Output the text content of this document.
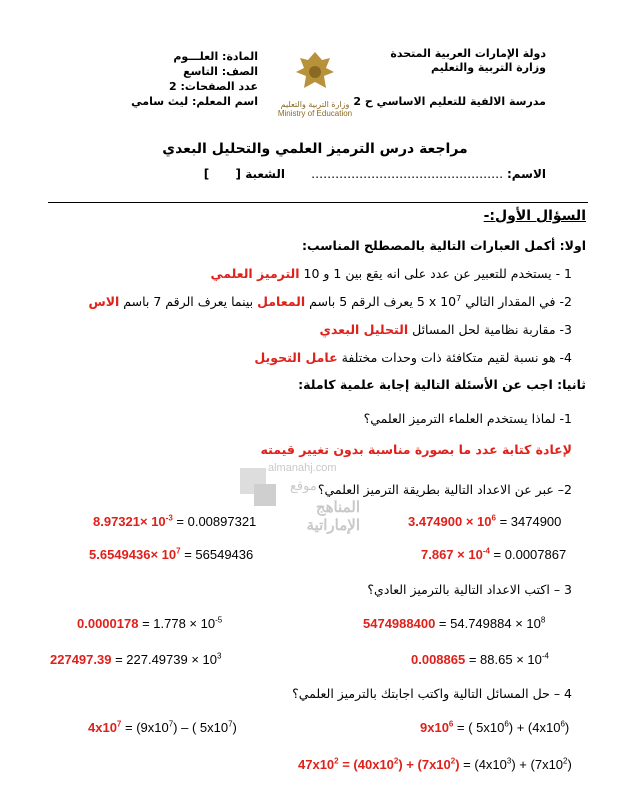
دولة الإمارات العربية المتحدة
وزارة التربية والتعليم
مدرسة الالفية للتعليم الاساسي ح 2
المادة: العلـــوم
الصف: التاسع
عدد الصفحات: 2
اسم المعلم: ليث سامي	وزارة التربية والتعليم
Ministry of Education
مراجعة درس الترميز العلمي والتحليل البعدي
الاسم: …………………………………………
الشعبة [  ]
السؤال الأول:-
اولا: أكمل العبارات التالية بالمصطلح المناسب:
1 - يستخدم للتعبير عن عدد على انه يقع بين 1 و 10 الترميز العلمي
2- في المقدار التالي 5 x $10^7$ يعرف الرقم 5 باسم المعامل بينما يعرف الرقم 7 باسم الاس
3- مقاربة نظامية لحل المسائل التحليل البعدي
4- هو نسبة لقيم متكافئة ذات وحدات مختلفة عامل التحويل
ثانيا: اجب عن الأسئلة التالية إجابة علمية كاملة:
1- لماذا يستخدم العلماء الترميز العلمي؟
لإعادة كتابة عدد ما بصورة مناسبة بدون تغيير قيمته
almanahj.com
موقع
المناهج الإماراتية
2– عبر عن الاعداد التالية بطريقة الترميز العلمي؟
$3.474900 \times 10^6 = 3474900$
$8.97321\times 10^{-3} = 0.00897321$
$7.867 \times 10^{-4} = 0.0007867$
$5.6549436\times 10^7 = 56549436$
3 – اكتب الاعداد التالية بالترميز العادي؟
$5474988400 = 54.749884 \times 10^8$
$0.0000178 = 1.778 \times 10^{-5}$
$0.008865 = 88.65 \times 10^{-4}$
$227497.39 = 227.49739 \times 10^3$
4 – حل المسائل التالية واكتب اجابتك بالترميز العلمي؟
$9x10^6$ = ( $5x10^6) + (4x10^6)$
$4x10^7 = (9x10^7)$ – ( $5x10^7$)
$47x10^2 = (40x10^2) + (7x10^2) = (4x10^3) + (7x10^2)$
